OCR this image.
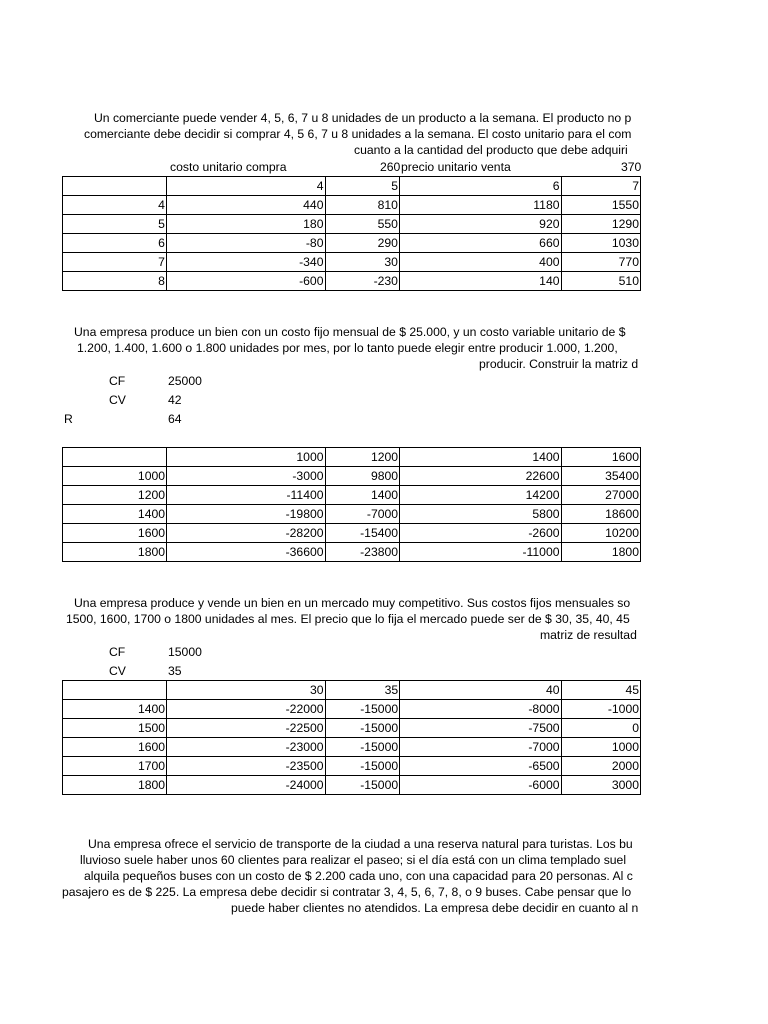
Un comerciante puede vender 4, 5, 6, 7 u 8 unidades de un producto a la semana. El producto no p
comerciante debe decidir si comprar 4, 5 6, 7 u 8 unidades a la semana. El costo unitario para el com
cuanto a la cantidad del producto que debe adquiri
costo unitario compra	260 precio unitario venta	370
	4	5	6	7
4	440	810	1180	1550
5	180	550	920	1290
6	-80	290	660	1030
7	-340	30	400	770
8	-600	-230	140	510
Una empresa produce un bien con un costo fijo mensual de $ 25.000, y un costo variable unitario de $
1.200, 1.400, 1.600 o 1.800 unidades por mes, por lo tanto puede elegir entre producir 1.000, 1.200,
producir. Construir la matriz d
CF	25000
CV	42
R	64
	1000	1200	1400	1600
1000	-3000	9800	22600	35400
1200	-11400	1400	14200	27000
1400	-19800	-7000	5800	18600
1600	-28200	-15400	-2600	10200
1800	-36600	-23800	-11000	1800
Una empresa produce y vende un bien en un mercado muy competitivo. Sus costos fijos mensuales so
1500, 1600, 1700 o 1800 unidades al mes. El precio que lo fija el mercado puede ser de $ 30, 35, 40, 45
matriz de resultad
CF	15000
CV	35
	30	35	40	45
1400	-22000	-15000	-8000	-1000
1500	-22500	-15000	-7500	0
1600	-23000	-15000	-7000	1000
1700	-23500	-15000	-6500	2000
1800	-24000	-15000	-6000	3000
Una empresa ofrece el servicio de transporte de la ciudad a una reserva natural para turistas. Los bu
lluvioso suele haber unos 60 clientes para realizar el paseo; si el día está con un clima templado suel
alquila pequeños buses con un costo de $ 2.200 cada uno, con una capacidad para 20 personas. Al c
pasajero es de $ 225. La empresa debe decidir si contratar 3, 4, 5, 6, 7, 8, o 9 buses. Cabe pensar que lo
puede haber clientes no atendidos. La empresa debe decidir en cuanto al n
